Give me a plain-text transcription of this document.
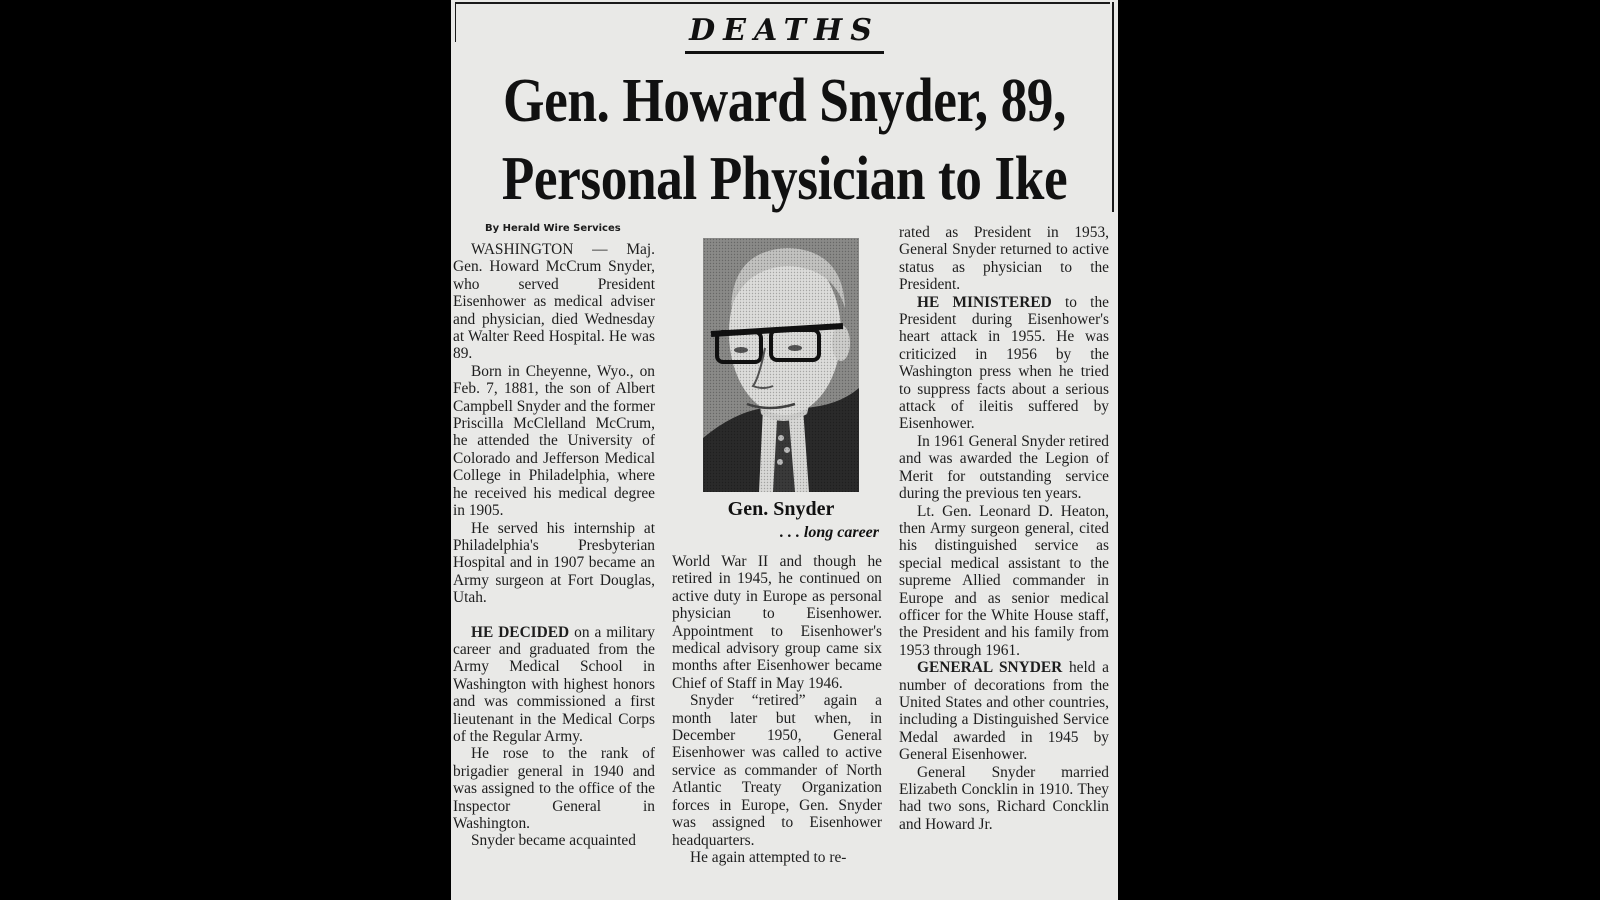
DEATHS
Gen. Howard Snyder, 89,
Personal Physician to Ike
By Herald Wire Services

WASHINGTON — Maj. Gen. Howard McCrum Snyder, who served President Eisenhower as medical adviser and physician, died Wednesday at Walter Reed Hospital. He was 89.

Born in Cheyenne, Wyo., on Feb. 7, 1881, the son of Albert Campbell Snyder and the former Priscilla McClelland McCrum, he attended the University of Colorado and Jefferson Medical College in Philadelphia, where he received his medical degree in 1905.

He served his internship at Philadelphia's Presbyterian Hospital and in 1907 became an Army surgeon at Fort Douglas, Utah.

HE DECIDED on a military career and graduated from the Army Medical School in Washington with highest honors and was commissioned a first lieutenant in the Medical Corps of the Regular Army.

He rose to the rank of brigadier general in 1940 and was assigned to the office of the Inspector General in Washington.

Snyder became acquainted

Gen. Snyder
. . . long career

World War II and though he retired in 1945, he continued on active duty in Europe as personal physician to Eisenhower. Appointment to Eisenhower's medical advisory group came six months after Eisenhower became Chief of Staff in May 1946.

Snyder “retired” again a month later but when, in December 1950, General Eisenhower was called to active service as commander of North Atlantic Treaty Organization forces in Europe, Gen. Snyder was assigned to Eisenhower headquarters.

He again attempted to re-

rated as President in 1953, General Snyder returned to active status as physician to the President.

HE MINISTERED to the President during Eisenhower's heart attack in 1955. He was criticized in 1956 by the Washington press when he tried to suppress facts about a serious attack of ileitis suffered by Eisenhower.

In 1961 General Snyder retired and was awarded the Legion of Merit for outstanding service during the previous ten years.

Lt. Gen. Leonard D. Heaton, then Army surgeon general, cited his distinguished service as special medical assistant to the supreme Allied commander in Europe and as senior medical officer for the White House staff, the President and his family from 1953 through 1961.

GENERAL SNYDER held a number of decorations from the United States and other countries, including a Distinguished Service Medal awarded in 1945 by General Eisenhower.

General Snyder married Elizabeth Concklin in 1910. They had two sons, Richard Concklin and Howard Jr.
